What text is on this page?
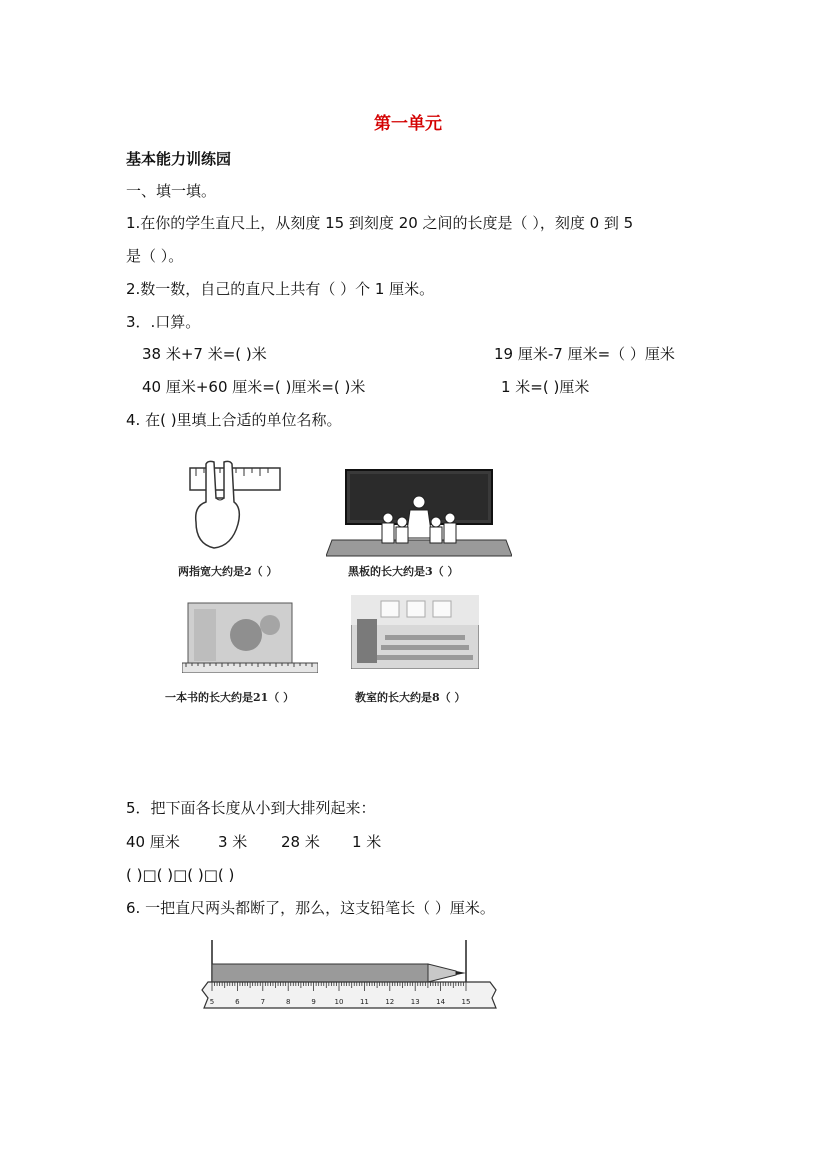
第一单元
基本能力训练园
一、填一填。
1.在你的学生直尺上，从刻度 15 到刻度 20 之间的长度是（ ），刻度 0 到 5
是（ ）。
2.数一数，自己的直尺上共有（ ）个 1 厘米。
3．.口算。
38 米+7 米=( )米	19 厘米-7 厘米=（ ）厘米
40 厘米+60 厘米=( )厘米=( )米	1 米=( )厘米
4. 在( )里填上合适的单位名称。
两指宽大约是2（ ）	黑板的长大约是3（ ）
一本书的长大约是21（ ）	教室的长大约是8（ ）
5．把下面各长度从小到大排列起来：
40 厘米	3 米 28 米 1 米
( )□( )□( )□( )
6. 一把直尺两头都断了，那么，这支铅笔长（ ）厘米。
5	6	7	8	9	10 11 12 13 14 15
